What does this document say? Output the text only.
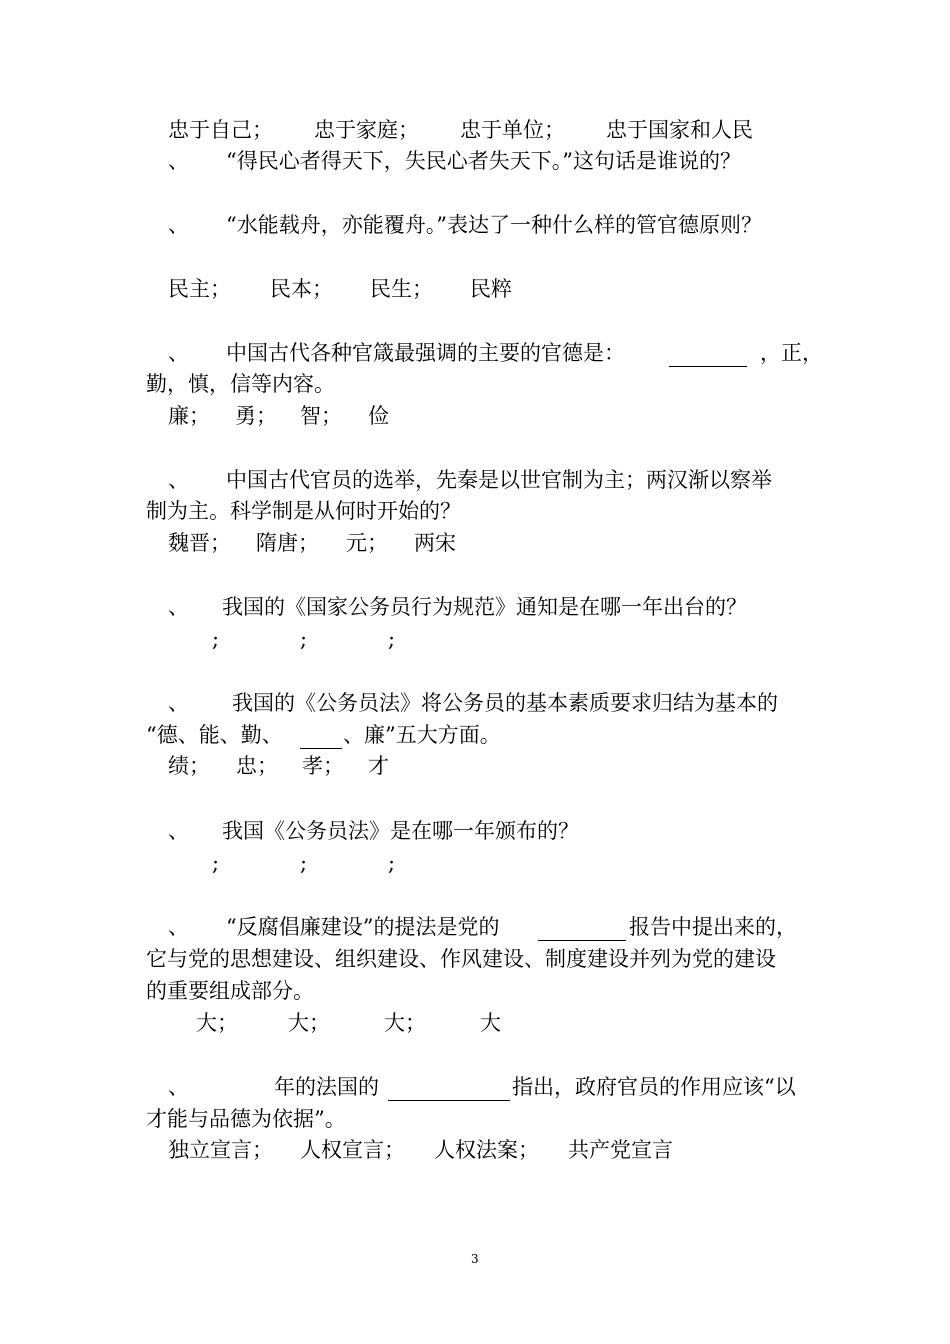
忠于自己； 忠于家庭； 忠于单位； 忠于国家和人民
、 “得民心者得天下，失民心者失天下。”这句话是谁说的？
、 “水能载舟，亦能覆舟。”表达了一种什么样的管官德原则？
民主； 民本； 民生； 民粹
、 中国古代各种官箴最强调的主要的官德是：	，正，
勤，慎，信等内容。
廉； 勇； 智； 俭
、 中国古代官员的选举，先秦是以世官制为主；两汉渐以察举
制为主。科学制是从何时开始的？
魏晋； 隋唐； 元； 两宋
、 我国的《国家公务员行为规范》通知是在哪一年出台的？
;	;	;
、 我国的《公务员法》将公务员的基本素质要求归结为基本的
“德、能、勤、	、廉”五大方面。
绩； 忠； 孝； 才
、 我国《公务员法》是在哪一年颁布的？
;	;	;
、 “反腐倡廉建设”的提法是党的	报告中提出来的，
它与党的思想建设、组织建设、作风建设、制度建设并列为党的建设
的重要组成部分。
大； 大；	大；	大
、	年的法国的	指出，政府官员的作用应该“以
才能与品德为依据”。
独立宣言； 人权宣言； 人权法案； 共产党宣言
3
